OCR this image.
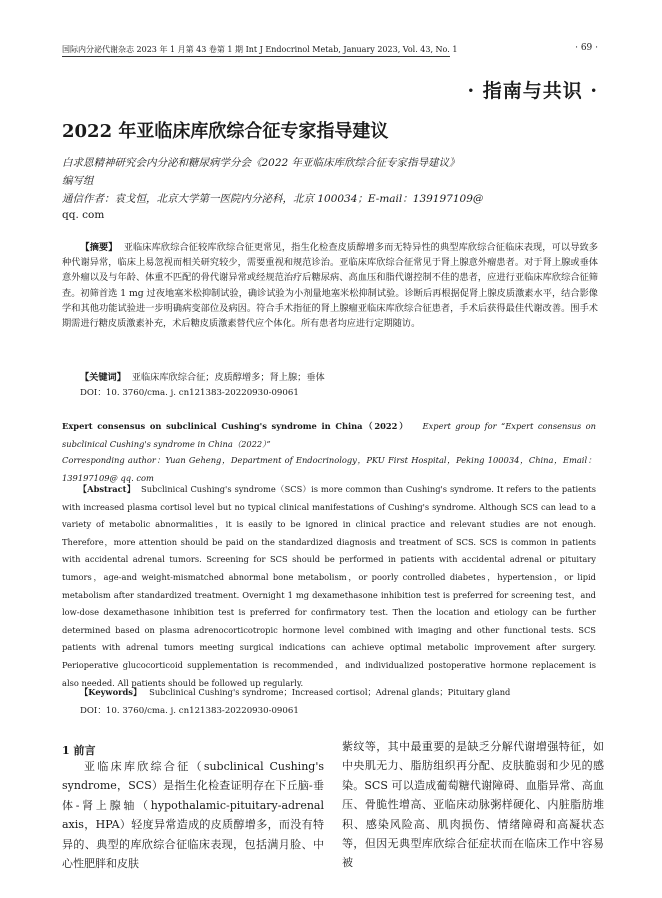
国际内分泌代谢杂志 2023 年 1 月第 43 卷第 1 期 Int J Endocrinol Metab, January 2023, Vol. 43, No. 1	· 69 ·
· 指南与共识 ·
2022 年亚临床库欣综合征专家指导建议
白求恩精神研究会内分泌和糖尿病学分会《2022 年亚临床库欣综合征专家指导建议》
编写组
通信作者：袁戈恒，北京大学第一医院内分泌科，北京 100034；E-mail：139197109@
qq. com
【摘要】 亚临床库欣综合征较库欣综合征更常见，指生化检查皮质醇增多而无特异性的典型库欣综合征临床表现，可以导致多种代谢异常，临床上易忽视而相关研究较少，需要重视和规范诊治。亚临床库欣综合征常见于肾上腺意外瘤患者。对于肾上腺或垂体意外瘤以及与年龄、体重不匹配的骨代谢异常或经规范治疗后糖尿病、高血压和脂代谢控制不佳的患者，应进行亚临床库欣综合征筛查。初筛首选 1 mg 过夜地塞米松抑制试验，确诊试验为小剂量地塞米松抑制试验。诊断后再根据促肾上腺皮质激素水平，结合影像学和其他功能试验进一步明确病变部位及病因。符合手术指征的肾上腺瘤亚临床库欣综合征患者，手术后获得最佳代谢改善。围手术期需进行糖皮质激素补充，术后糖皮质激素替代应个体化。所有患者均应进行定期随访。
【关键词】 亚临床库欣综合征；皮质醇增多；肾上腺；垂体
DOI：10. 3760/cma. j. cn121383-20220930-09061
Expert consensus on subclinical Cushing's syndrome in China（2022） Expert group for “Expert consensus on subclinical Cushing's syndrome in China（2022）”
Corresponding author：Yuan Geheng，Department of Endocrinology，PKU First Hospital，Peking 100034，China，Email：139197109@ qq. com
【Abstract】 Subclinical Cushing's syndrome（SCS）is more common than Cushing's syndrome. It refers to the patients with increased plasma cortisol level but no typical clinical manifestations of Cushing's syndrome. Although SCS can lead to a variety of metabolic abnormalities，it is easily to be ignored in clinical practice and relevant studies are not enough. Therefore，more attention should be paid on the standardized diagnosis and treatment of SCS. SCS is common in patients with accidental adrenal tumors. Screening for SCS should be performed in patients with accidental adrenal or pituitary tumors，age-and weight-mismatched abnormal bone metabolism，or poorly controlled diabetes，hypertension，or lipid metabolism after standardized treatment. Overnight 1 mg dexamethasone inhibition test is preferred for screening test，and low-dose dexamethasone inhibition test is preferred for confirmatory test. Then the location and etiology can be further determined based on plasma adrenocorticotropic hormone level combined with imaging and other functional tests. SCS patients with adrenal tumors meeting surgical indications can achieve optimal metabolic improvement after surgery. Perioperative glucocorticoid supplementation is recommended，and individualized postoperative hormone replacement is also needed. All patients should be followed up regularly.
【Keywords】 Subclinical Cushing's syndrome；Increased cortisol；Adrenal glands；Pituitary gland
DOI：10. 3760/cma. j. cn121383-20220930-09061
1 前言
亚临床库欣综合征（subclinical Cushing's syndrome，SCS）是指生化检查证明存在下丘脑-垂体-肾上腺轴（hypothalamic-pituitary-adrenal axis，HPA）轻度异常造成的皮质醇增多，而没有特异的、典型的库欣综合征临床表现，包括满月脸、中心性肥胖和皮肤
紫纹等，其中最重要的是缺乏分解代谢增强特征，如中央肌无力、脂肪组织再分配、皮肤脆弱和少见的感染。SCS 可以造成葡萄糖代谢障碍、血脂异常、高血压、骨脆性增高、亚临床动脉粥样硬化、内脏脂肪堆积、感染风险高、肌肉损伤、情绪障碍和高凝状态等，但因无典型库欣综合征症状而在临床工作中容易被
